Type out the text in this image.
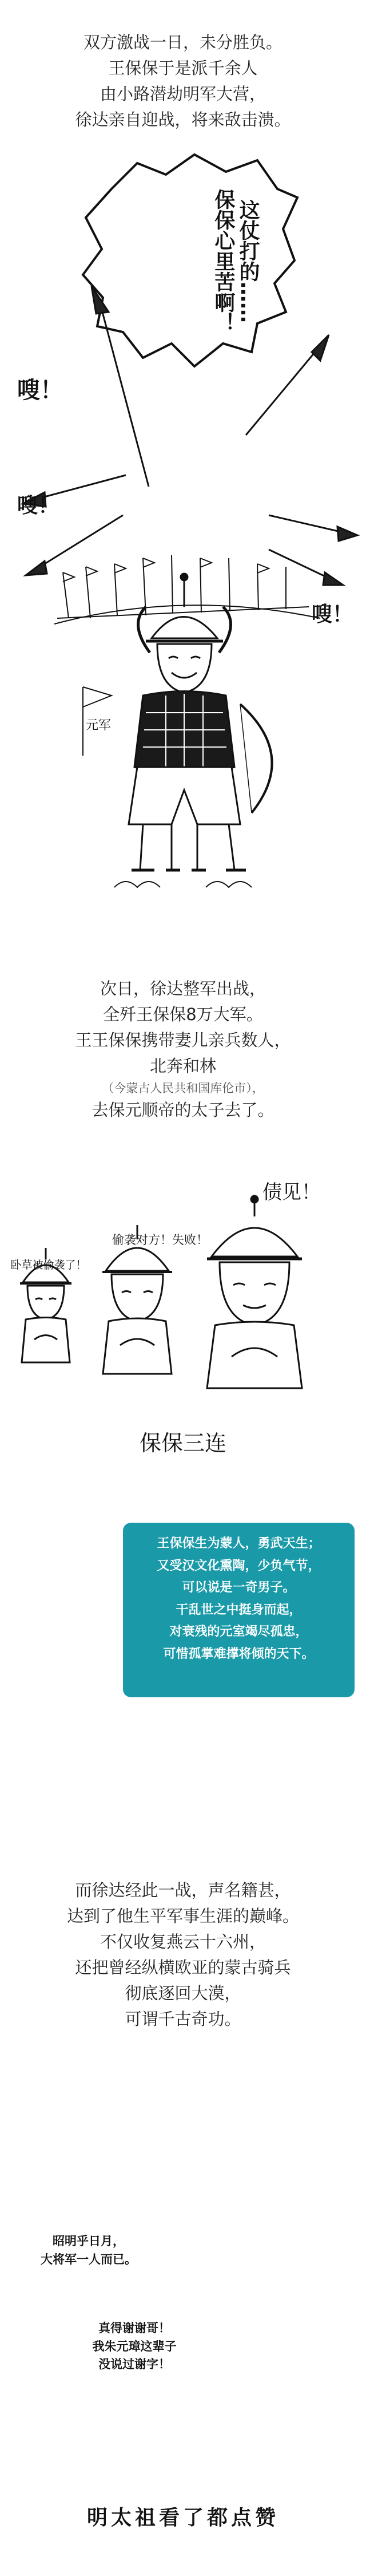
双方激战一日，未分胜负。
王保保于是派千余人
由小路潜劫明军大营，
徐达亲自迎战，将来敌击溃。
这仗打的……
保保心里苦啊！
嗖！
嗖！
嗖！
元军
次日，徐达整军出战，
全歼王保保8万大军。
王王保保携带妻儿亲兵数人，
北奔和林
（今蒙古人民共和国库伦市），
去保元顺帝的太子去了。
卧草被偷袭了！
偷袭对方！失败！
债见！
保保三连
王保保生为蒙人，勇武天生；
又受汉文化熏陶，少负气节，
可以说是一奇男子。
干乱世之中挺身而起，
对衰残的元室竭尽孤忠，
可惜孤掌难撑将倾的天下。
而徐达经此一战，声名籍甚，
达到了他生平军事生涯的巅峰。
不仅收复燕云十六州，
还把曾经纵横欧亚的蒙古骑兵
彻底逐回大漠，
可谓千古奇功。
昭明乎日月，
大将军一人而已。
真得谢谢哥！
我朱元璋这辈子
没说过谢字！
明太祖看了都点赞
